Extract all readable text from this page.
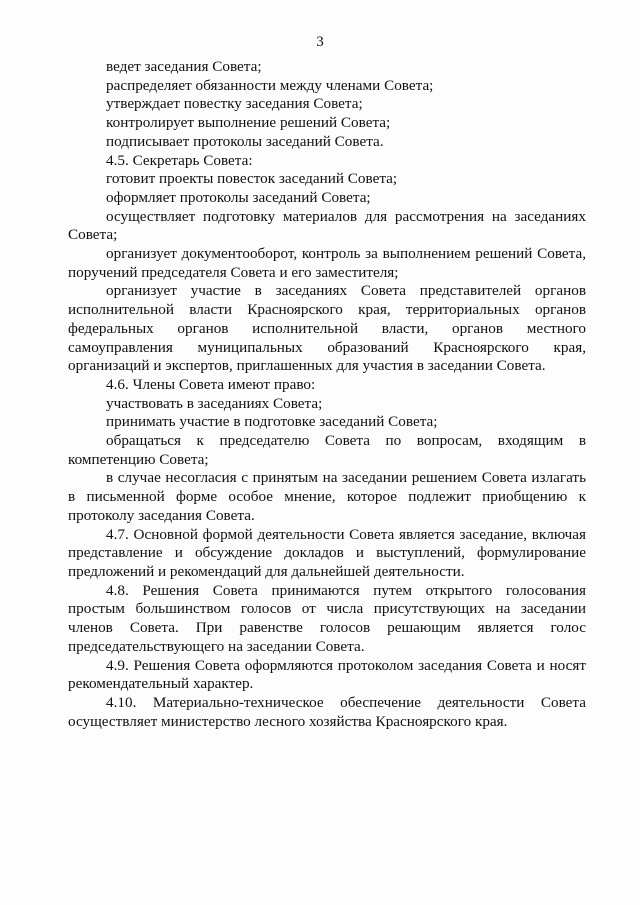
3

ведет заседания Совета;

распределяет обязанности между членами Совета;

утверждает повестку заседания Совета;

контролирует выполнение решений Совета;

подписывает протоколы заседаний Совета.

4.5. Секретарь Совета:

готовит проекты повесток заседаний Совета;

оформляет протоколы заседаний Совета;

осуществляет подготовку материалов для рассмотрения на заседаниях Совета;

организует документооборот, контроль за выполнением решений Совета, поручений председателя Совета и его заместителя;

организует участие в заседаниях Совета представителей органов исполнительной власти Красноярского края, территориальных органов федеральных органов исполнительной власти, органов местного самоуправления муниципальных образований Красноярского края, организаций и экспертов, приглашенных для участия в заседании Совета.

4.6. Члены Совета имеют право:

участвовать в заседаниях Совета;

принимать участие в подготовке заседаний Совета;

обращаться к председателю Совета по вопросам, входящим в компетенцию Совета;

в случае несогласия с принятым на заседании решением Совета излагать в письменной форме особое мнение, которое подлежит приобщению к протоколу заседания Совета.

4.7. Основной формой деятельности Совета является заседание, включая представление и обсуждение докладов и выступлений, формулирование предложений и рекомендаций для дальнейшей деятельности.

4.8. Решения Совета принимаются путем открытого голосования простым большинством голосов от числа присутствующих на заседании членов Совета. При равенстве голосов решающим является голос председательствующего на заседании Совета.

4.9. Решения Совета оформляются протоколом заседания Совета и носят рекомендательный характер.

4.10. Материально-техническое обеспечение деятельности Совета осуществляет министерство лесного хозяйства Красноярского края.
